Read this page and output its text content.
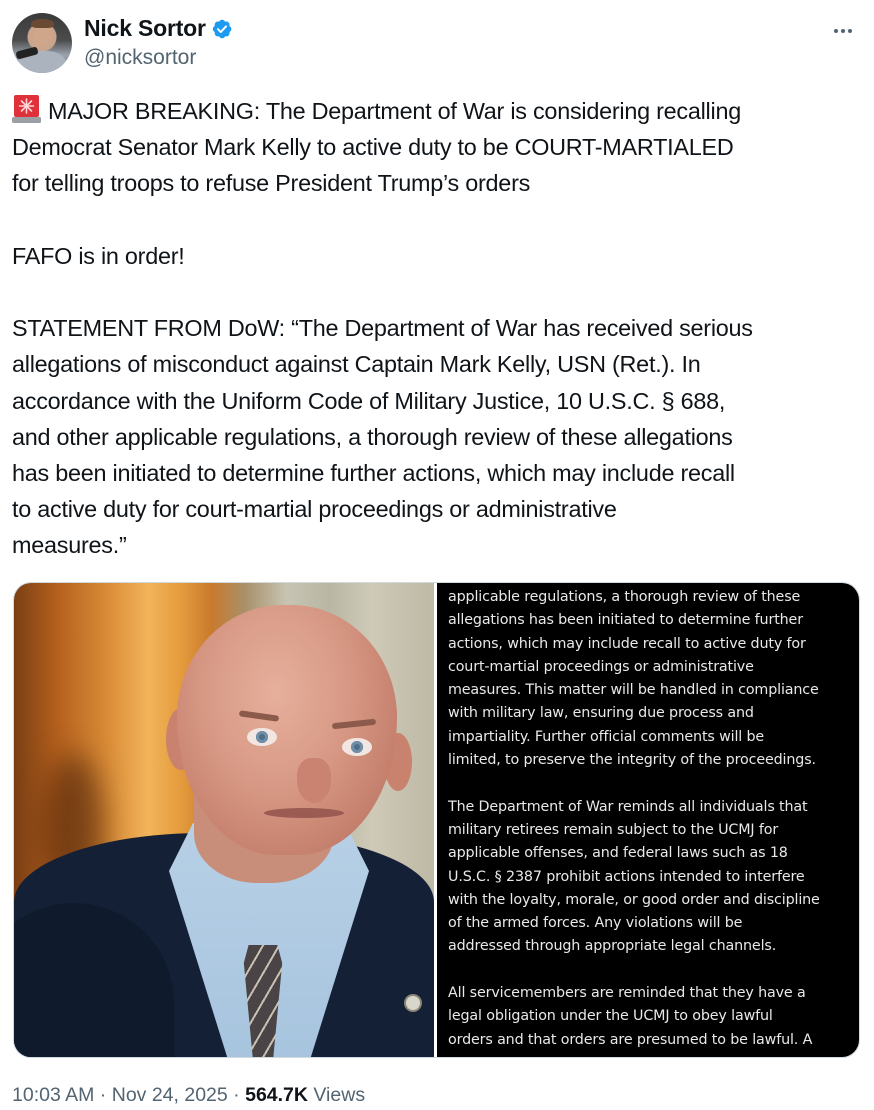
Nick Sortor
@nicksortor

MAJOR BREAKING: The Department of War is considering recalling

Democrat Senator Mark Kelly to active duty to be COURT-MARTIALED

for telling troops to refuse President Trump’s orders

FAFO is in order!

STATEMENT FROM DoW: “The Department of War has received serious

allegations of misconduct against Captain Mark Kelly, USN (Ret.). In

accordance with the Uniform Code of Military Justice, 10 U.S.C. § 688,

and other applicable regulations, a thorough review of these allegations

has been initiated to determine further actions, which may include recall

to active duty for court-martial proceedings or administrative

measures.”

applicable regulations, a thorough review of these

allegations has been initiated to determine further

actions, which may include recall to active duty for

court-martial proceedings or administrative

measures. This matter will be handled in compliance

with military law, ensuring due process and

impartiality. Further official comments will be

limited, to preserve the integrity of the proceedings.

The Department of War reminds all individuals that

military retirees remain subject to the UCMJ for

applicable offenses, and federal laws such as 18

U.S.C. § 2387 prohibit actions intended to interfere

with the loyalty, morale, or good order and discipline

of the armed forces. Any violations will be

addressed through appropriate legal channels.

All servicemembers are reminded that they have a

legal obligation under the UCMJ to obey lawful

orders and that orders are presumed to be lawful. A

10:03 AM · Nov 24, 2025 · 564.7K Views
